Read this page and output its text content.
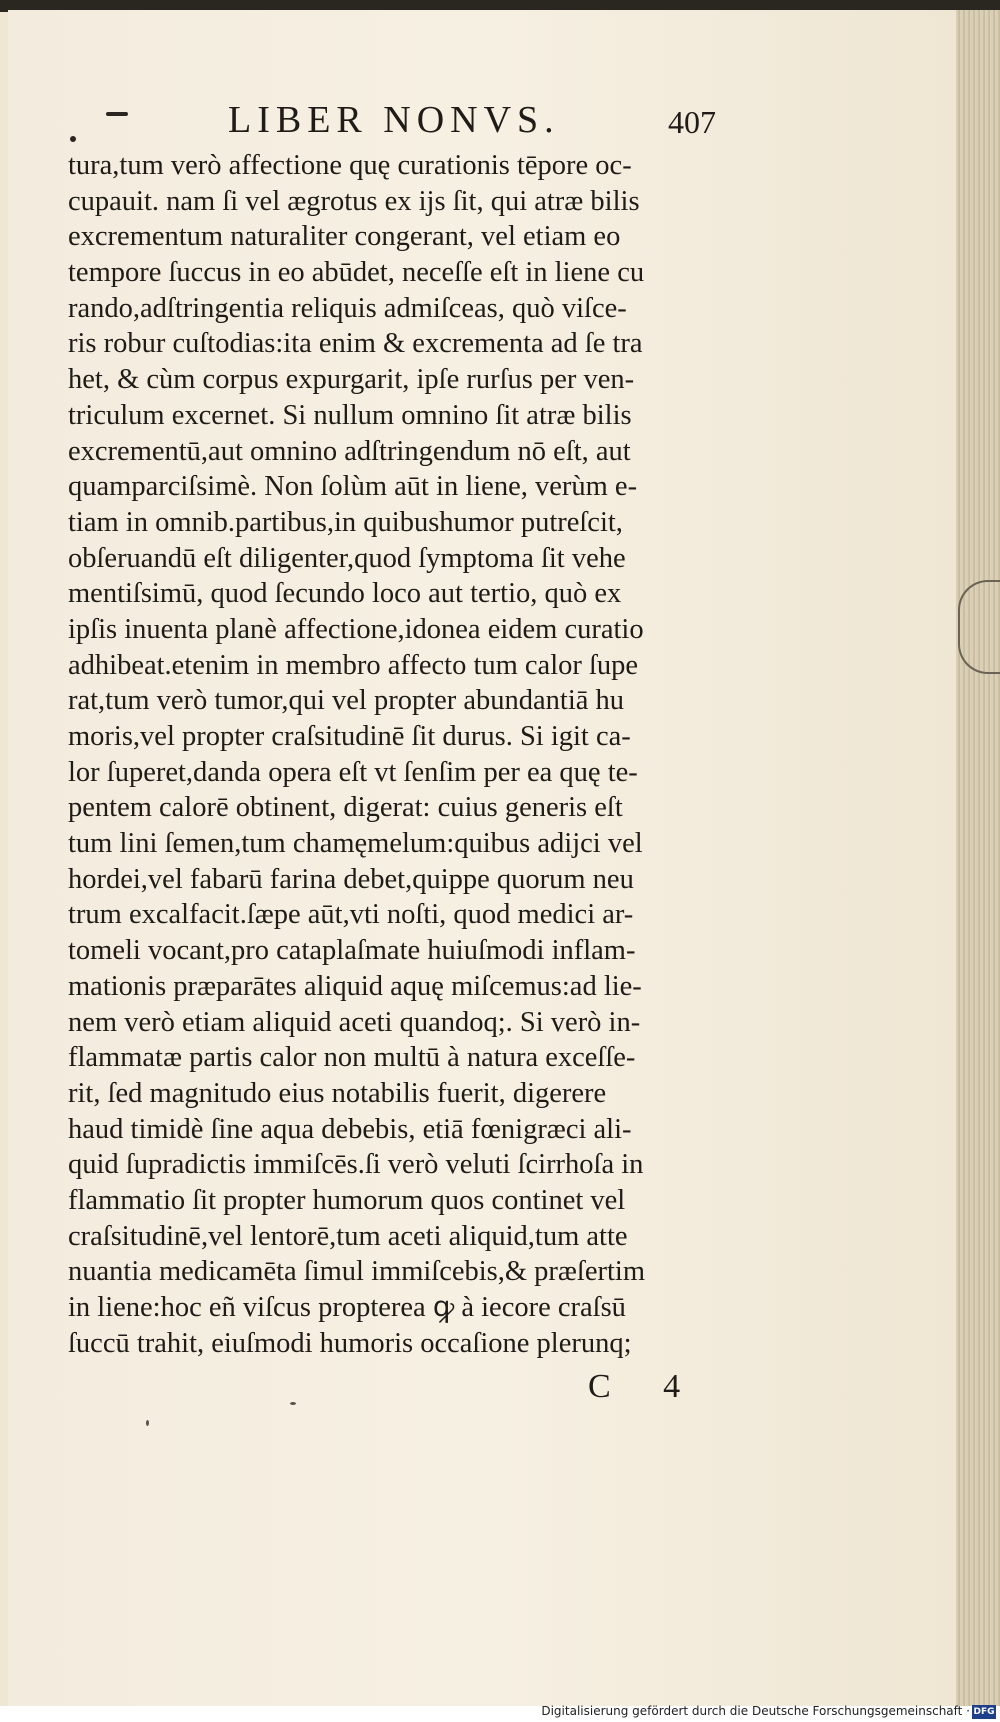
LIBER NONVS.	407
tura,tum verò affectione quę curationis tēpore oc-
cupauit. nam ſi vel ægrotus ex ijs ſit, qui atræ bilis
excrementum naturaliter congerant, vel etiam eo
tempore ſuccus in eo abūdet, neceſſe eſt in liene cu
rando,adſtringentia reliquis admiſceas, quò viſce-
ris robur cuſtodias:ita enim & excrementa ad ſe tra
het, & cùm corpus expurgarit, ipſe rurſus per ven-
triculum excernet. Si nullum omnino ſit atræ bilis
excrementū,aut omnino adſtringendum nō eſt, aut
quamparciſsimè. Non ſolùm aūt in liene, verùm e-
tiam in omnib.partibus,in quibushumor putreſcit,
obſeruandū eſt diligenter,quod ſymptoma ſit vehe
mentiſsimū, quod ſecundo loco aut tertio, quò ex
ipſis inuenta planè affectione,idonea eidem curatio
adhibeat.etenim in membro affecto tum calor ſupe
rat,tum verò tumor,qui vel propter abundantiā hu
moris,vel propter craſsitudinē ſit durus. Si igit ca-
lor ſuperet,danda opera eſt vt ſenſim per ea quę te-
pentem calorē obtinent, digerat: cuius generis eſt
tum lini ſemen,tum chamęmelum:quibus adijci vel
hordei,vel fabarū farina debet,quippe quorum neu
trum excalfacit.ſæpe aūt,vti noſti, quod medici ar-
tomeli vocant,pro cataplaſmate huiuſmodi inflam-
mationis præparātes aliquid aquę miſcemus:ad lie-
nem verò etiam aliquid aceti quandoq;. Si verò in-
flammatæ partis calor non multū à natura exceſſe-
rit, ſed magnitudo eius notabilis fuerit, digerere
haud timidè ſine aqua debebis, etiā fœnigræci ali-
quid ſupradictis immiſcēs.ſi verò veluti ſcirrhoſa in
flammatio ſit propter humorum quos continet vel
craſsitudinē,vel lentorē,tum aceti aliquid,tum atte
nuantia medicamēta ſimul immiſcebis,& præſertim
in liene:hoc eñ viſcus propterea ꝙ à iecore craſsū
ſuccū trahit, eiuſmodi humoris occaſione plerunq;
C 4
Digitalisierung gefördert durch die Deutsche Forschungsgemeinschaft · DFG
